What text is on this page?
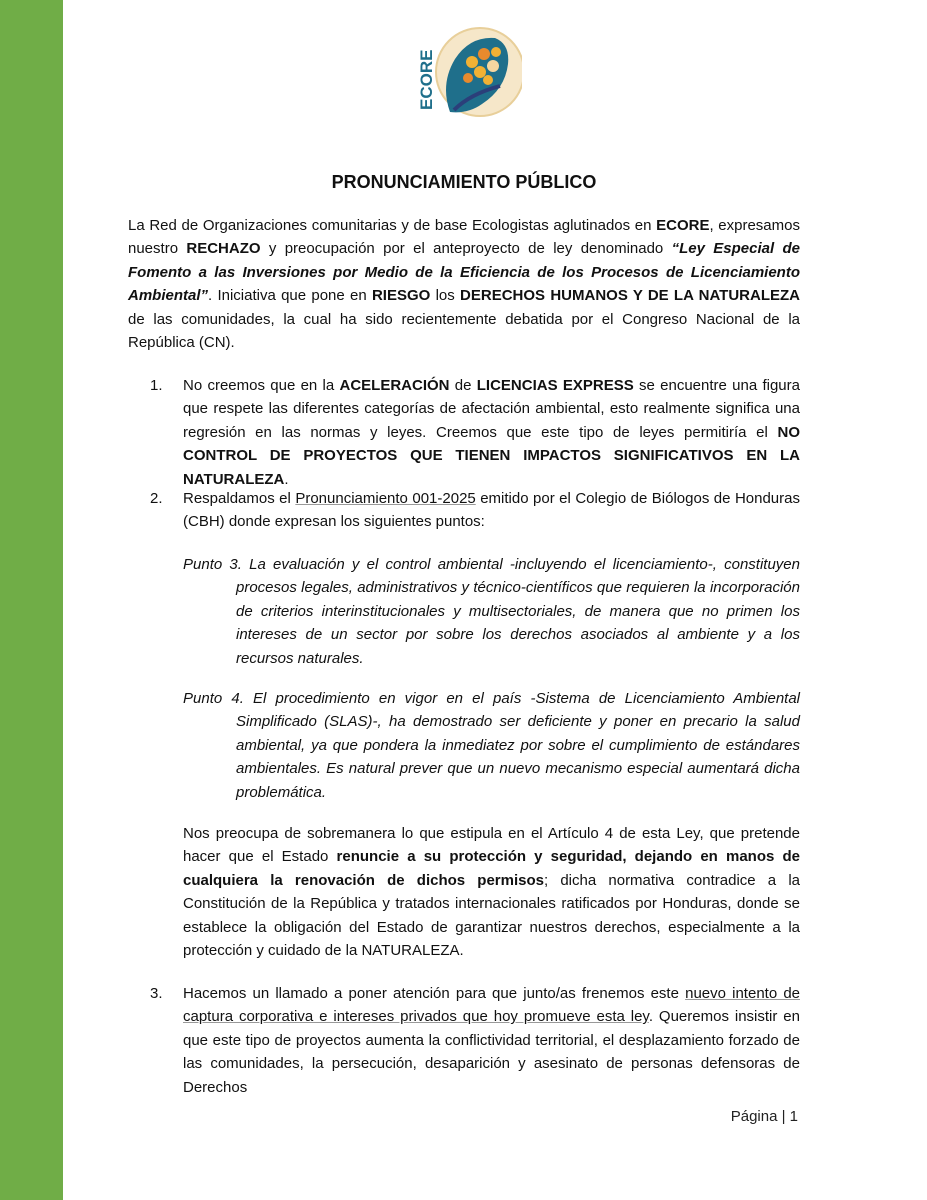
ECORE
PRONUNCIAMIENTO PÚBLICO

La Red de Organizaciones comunitarias y de base Ecologistas aglutinados en ECORE, expresamos nuestro RECHAZO y preocupación por el anteproyecto de ley denominado “Ley Especial de Fomento a las Inversiones por Medio de la Eficiencia de los Procesos de Licenciamiento Ambiental”. Iniciativa que pone en RIESGO los DERECHOS HUMANOS Y DE LA NATURALEZA de las comunidades, la cual ha sido recientemente debatida por el Congreso Nacional de la República (CN).

1. No creemos que en la ACELERACIÓN de LICENCIAS EXPRESS se encuentre una figura que respete las diferentes categorías de afectación ambiental, esto realmente significa una regresión en las normas y leyes. Creemos que este tipo de leyes permitiría el NO CONTROL DE PROYECTOS QUE TIENEN IMPACTOS SIGNIFICATIVOS EN LA NATURALEZA.

2. Respaldamos el Pronunciamiento 001-2025 emitido por el Colegio de Biólogos de Honduras (CBH) donde expresan los siguientes puntos:

Punto 3. La evaluación y el control ambiental -incluyendo el licenciamiento-, constituyen procesos legales, administrativos y técnico-científicos que requieren la incorporación de criterios interinstitucionales y multisectoriales, de manera que no primen los intereses de un sector por sobre los derechos asociados al ambiente y a los recursos naturales.

Punto 4. El procedimiento en vigor en el país -Sistema de Licenciamiento Ambiental Simplificado (SLAS)-, ha demostrado ser deficiente y poner en precario la salud ambiental, ya que pondera la inmediatez por sobre el cumplimiento de estándares ambientales. Es natural prever que un nuevo mecanismo especial aumentará dicha problemática.

Nos preocupa de sobremanera lo que estipula en el Artículo 4 de esta Ley, que pretende hacer que el Estado renuncie a su protección y seguridad, dejando en manos de cualquiera la renovación de dichos permisos; dicha normativa contradice a la Constitución de la República y tratados internacionales ratificados por Honduras, donde se establece la obligación del Estado de garantizar nuestros derechos, especialmente a la protección y cuidado de la NATURALEZA.

3. Hacemos un llamado a poner atención para que junto/as frenemos este nuevo intento de captura corporativa e intereses privados que hoy promueve esta ley. Queremos insistir en que este tipo de proyectos aumenta la conflictividad territorial, el desplazamiento forzado de las comunidades, la persecución, desaparición y asesinato de personas defensoras de Derechos

Página | 1
